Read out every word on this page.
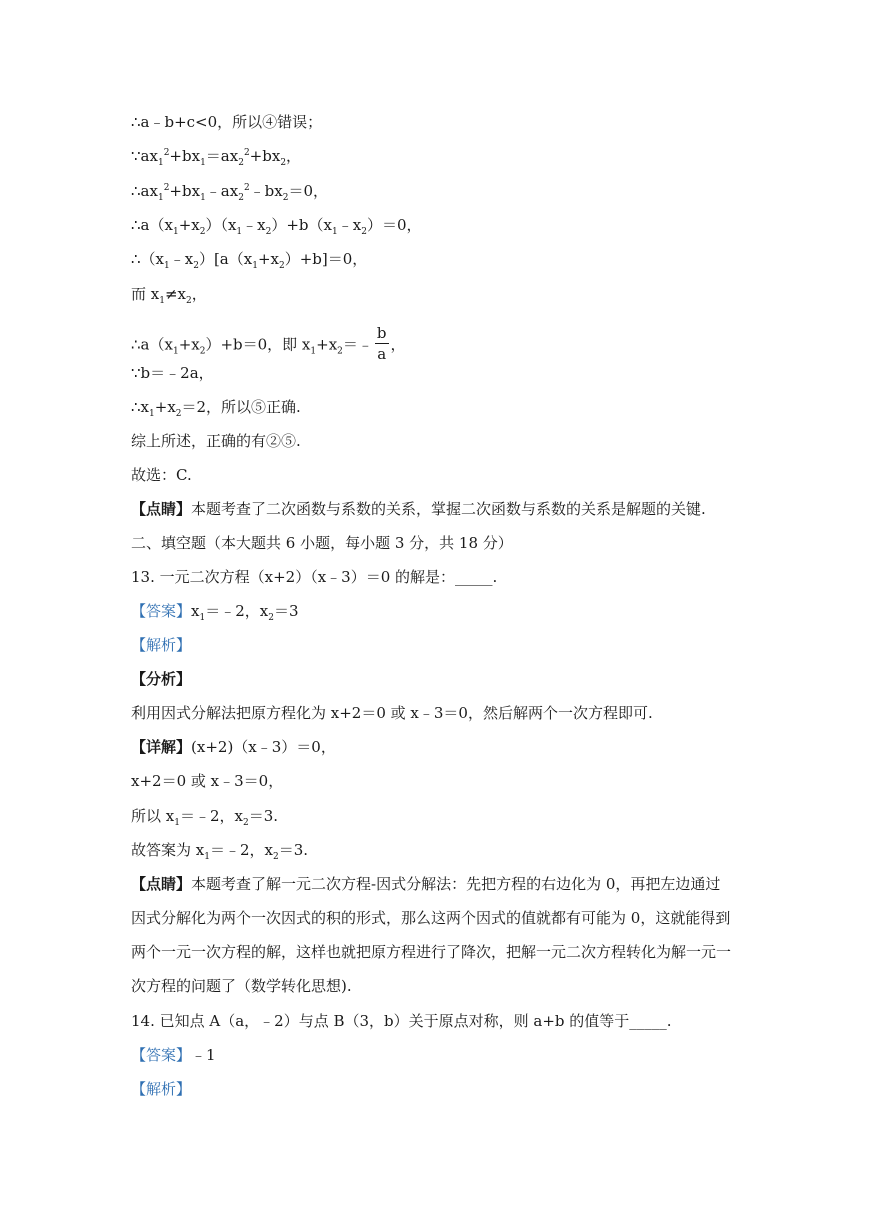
∴a﹣b+c<0，所以④错误；
$\because ax_1^2+bx_1=ax_2^2+bx_2$，
$\therefore ax_1^2+bx_1﹣ax_2^2﹣bx_2=0$，
$\therefore a(x_1+x_2)(x_1﹣x_2)+b(x_1﹣x_2)=0$，
$\therefore(x_1﹣x_2)[a(x_1+x_2)+b]=0$，
而 $x_1\ne x_2$，
$\therefore a(x_1+x_2)+b=0$，即 $x_1+x_2=﹣ \frac{b}{a}$ ，
∵b＝﹣2a，
$\therefore x_1+x_2=2$，所以⑤正确.
综上所述，正确的有②⑤.
故选：C.
【点睛】本题考查了二次函数与系数的关系，掌握二次函数与系数的关系是解题的关键.
二、填空题（本大题共 6 小题，每小题 3 分，共 18 分）
13. 一元二次方程（x+2）（x﹣3）＝0 的解是：_____.
【答案】$x_1=﹣2$，$x_2=3$
【解析】
【分析】
利用因式分解法把原方程化为 x+2＝0 或 x﹣3＝0，然后解两个一次方程即可.
【详解】(x+2)（x﹣3）＝0，
x+2＝0 或 x﹣3＝0，
所以 $x_1=﹣2$，$x_2=3$.
故答案为 $x_1=﹣2$，$x_2=3$.
【点睛】本题考查了解一元二次方程-因式分解法：先把方程的右边化为 0，再把左边通过
因式分解化为两个一次因式的积的形式，那么这两个因式的值就都有可能为 0，这就能得到
两个一元一次方程的解，这样也就把原方程进行了降次，把解一元二次方程转化为解一元一
次方程的问题了（数学转化思想).
14. 已知点 A（a，﹣2）与点 B（3，b）关于原点对称，则 a+b 的值等于_____.
【答案】﹣1
【解析】
